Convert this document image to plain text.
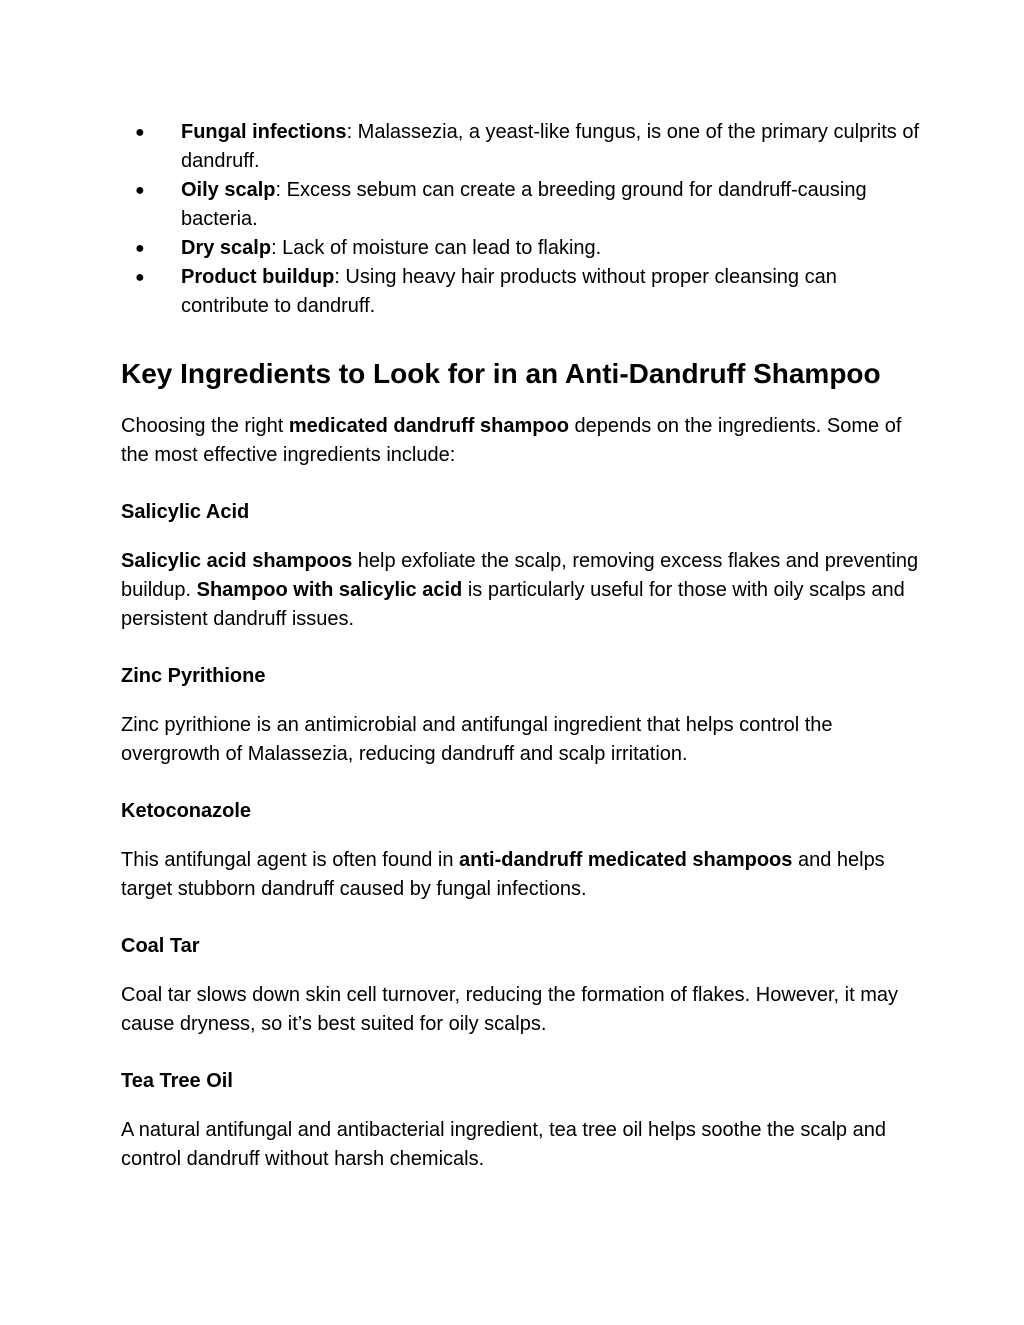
● Fungal infections: Malassezia, a yeast-like fungus, is one of the primary culprits of dandruff.
● Oily scalp: Excess sebum can create a breeding ground for dandruff-causing bacteria.
● Dry scalp: Lack of moisture can lead to flaking.
● Product buildup: Using heavy hair products without proper cleansing can contribute to dandruff.
Key Ingredients to Look for in an Anti-Dandruff Shampoo

Choosing the right medicated dandruff shampoo depends on the ingredients. Some of the most effective ingredients include:

Salicylic Acid

Salicylic acid shampoos help exfoliate the scalp, removing excess flakes and preventing buildup. Shampoo with salicylic acid is particularly useful for those with oily scalps and persistent dandruff issues.

Zinc Pyrithione

Zinc pyrithione is an antimicrobial and antifungal ingredient that helps control the overgrowth of Malassezia, reducing dandruff and scalp irritation.

Ketoconazole

This antifungal agent is often found in anti-dandruff medicated shampoos and helps target stubborn dandruff caused by fungal infections.

Coal Tar

Coal tar slows down skin cell turnover, reducing the formation of flakes. However, it may cause dryness, so it’s best suited for oily scalps.

Tea Tree Oil

A natural antifungal and antibacterial ingredient, tea tree oil helps soothe the scalp and control dandruff without harsh chemicals.
